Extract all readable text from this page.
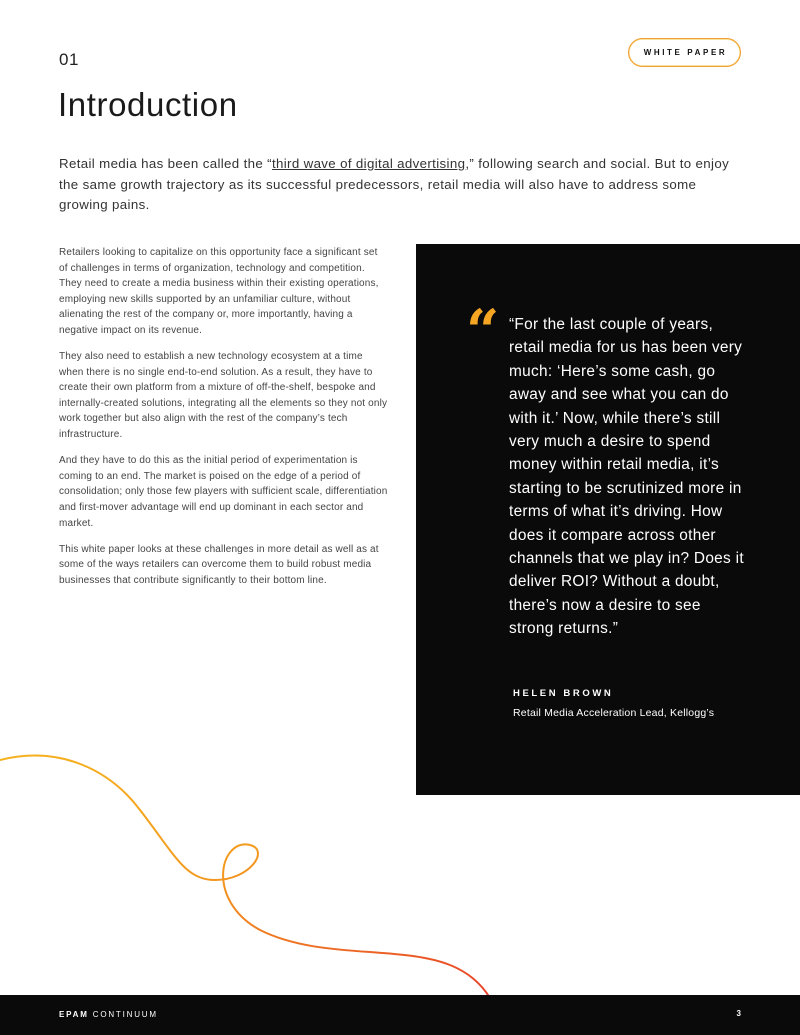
01	WHITE PAPER
Introduction

Retail media has been called the “third wave of digital advertising,” following search and social. But to enjoy the same growth trajectory as its successful predecessors, retail media will also have to address some growing pains.

Retailers looking to capitalize on this opportunity face a significant set of challenges in terms of organization, technology and competition. They need to create a media business within their existing operations, employing new skills supported by an unfamiliar culture, without alienating the rest of the company or, more importantly, having a negative impact on its revenue.

They also need to establish a new technology ecosystem at a time when there is no single end-to-end solution. As a result, they have to create their own platform from a mixture of off-the-shelf, bespoke and internally-created solutions, integrating all the elements so they not only work together but also align with the rest of the company’s tech infrastructure.

And they have to do this as the initial period of experimentation is coming to an end. The market is poised on the edge of a period of consolidation; only those few players with sufficient scale, differentiation and first-mover advantage will end up dominant in each sector and market.

This white paper looks at these challenges in more detail as well as at some of the ways retailers can overcome them to build robust media businesses that contribute significantly to their bottom line.

“ “For the last couple of years, retail media for us has been very much: ‘Here’s some cash, go away and see what you can do with it.’ Now, while there’s still very much a desire to spend money within retail media, it’s starting to be scrutinized more in terms of what it’s driving. How does it compare across other channels that we play in? Does it deliver ROI? Without a doubt, there’s now a desire to see strong returns.”

HELEN BROWN
Retail Media Acceleration Lead, Kellogg’s
EPAM CONTINUUM	3
